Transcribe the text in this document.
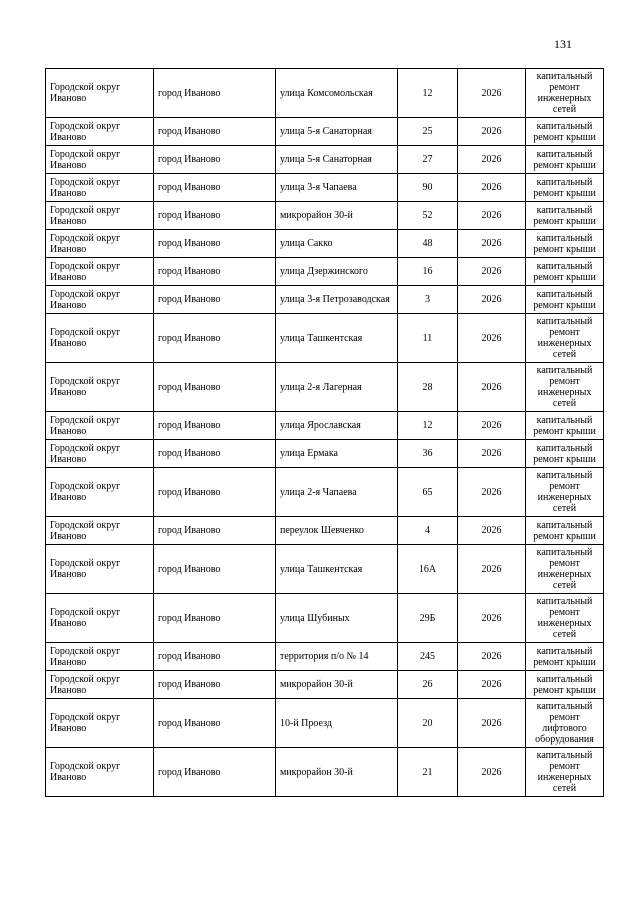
131
Городской округ Иваново	город Иваново	улица Комсомольская	12	2026	капитальный ремонт инженерных сетей
Городской округ Иваново	город Иваново	улица 5-я Санаторная	25	2026	капитальный ремонт крыши
Городской округ Иваново	город Иваново	улица 5-я Санаторная	27	2026	капитальный ремонт крыши
Городской округ Иваново	город Иваново	улица 3-я Чапаева	90	2026	капитальный ремонт крыши
Городской округ Иваново	город Иваново	микрорайон 30-й	52	2026	капитальный ремонт крыши
Городской округ Иваново	город Иваново	улица Сакко	48	2026	капитальный ремонт крыши
Городской округ Иваново	город Иваново	улица Дзержинского	16	2026	капитальный ремонт крыши
Городской округ Иваново	город Иваново	улица 3-я Петрозаводская	3	2026	капитальный ремонт крыши
Городской округ Иваново	город Иваново	улица Ташкентская	11	2026	капитальный ремонт инженерных сетей
Городской округ Иваново	город Иваново	улица 2-я Лагерная	28	2026	капитальный ремонт инженерных сетей
Городской округ Иваново	город Иваново	улица Ярославская	12	2026	капитальный ремонт крыши
Городской округ Иваново	город Иваново	улица Ермака	36	2026	капитальный ремонт крыши
Городской округ Иваново	город Иваново	улица 2-я Чапаева	65	2026	капитальный ремонт инженерных сетей
Городской округ Иваново	город Иваново	переулок Шевченко	4	2026	капитальный ремонт крыши
Городской округ Иваново	город Иваново	улица Ташкентская	16А	2026	капитальный ремонт инженерных сетей
Городской округ Иваново	город Иваново	улица Шубиных	29Б	2026	капитальный ремонт инженерных сетей
Городской округ Иваново	город Иваново	территория п/о № 14	245	2026	капитальный ремонт крыши
Городской округ Иваново	город Иваново	микрорайон 30-й	26	2026	капитальный ремонт крыши
Городской округ Иваново	город Иваново	10-й Проезд	20	2026	капитальный ремонт лифтового оборудования
Городской округ Иваново	город Иваново	микрорайон 30-й	21	2026	капитальный ремонт инженерных сетей
